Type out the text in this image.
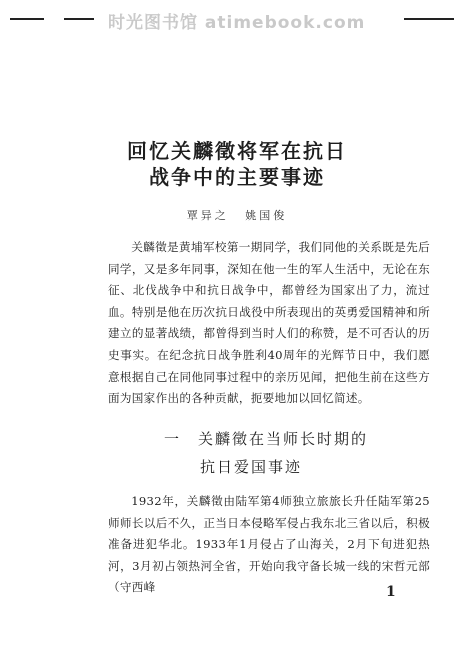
时光图书馆 atimebook.com
回忆关麟徵将军在抗日
战争中的主要事迹
覃异之 姚国俊
关麟徵是黄埔军校第一期同学，我们同他的关系既是先后同学，又是多年同事，深知在他一生的军人生活中，无论在东征、北伐战争中和抗日战争中，都曾经为国家出了力，流过血。特别是他在历次抗日战役中所表现出的英勇爱国精神和所建立的显著战绩，都曾得到当时人们的称赞，是不可否认的历史事实。在纪念抗日战争胜利40周年的光辉节日中，我们愿意根据自己在同他同事过程中的亲历见闻，把他生前在这些方面为国家作出的各种贡献，扼要地加以回忆简述。
一　关麟徵在当师长时期的
抗日爱国事迹
1932年，关麟徵由陆军第4师独立旅旅长升任陆军第25师师长以后不久，正当日本侵略军侵占我东北三省以后，积极准备进犯华北。1933年1月侵占了山海关，2月下旬进犯热河，3月初占领热河全省，开始向我守备长城一线的宋哲元部（守西峰	1
